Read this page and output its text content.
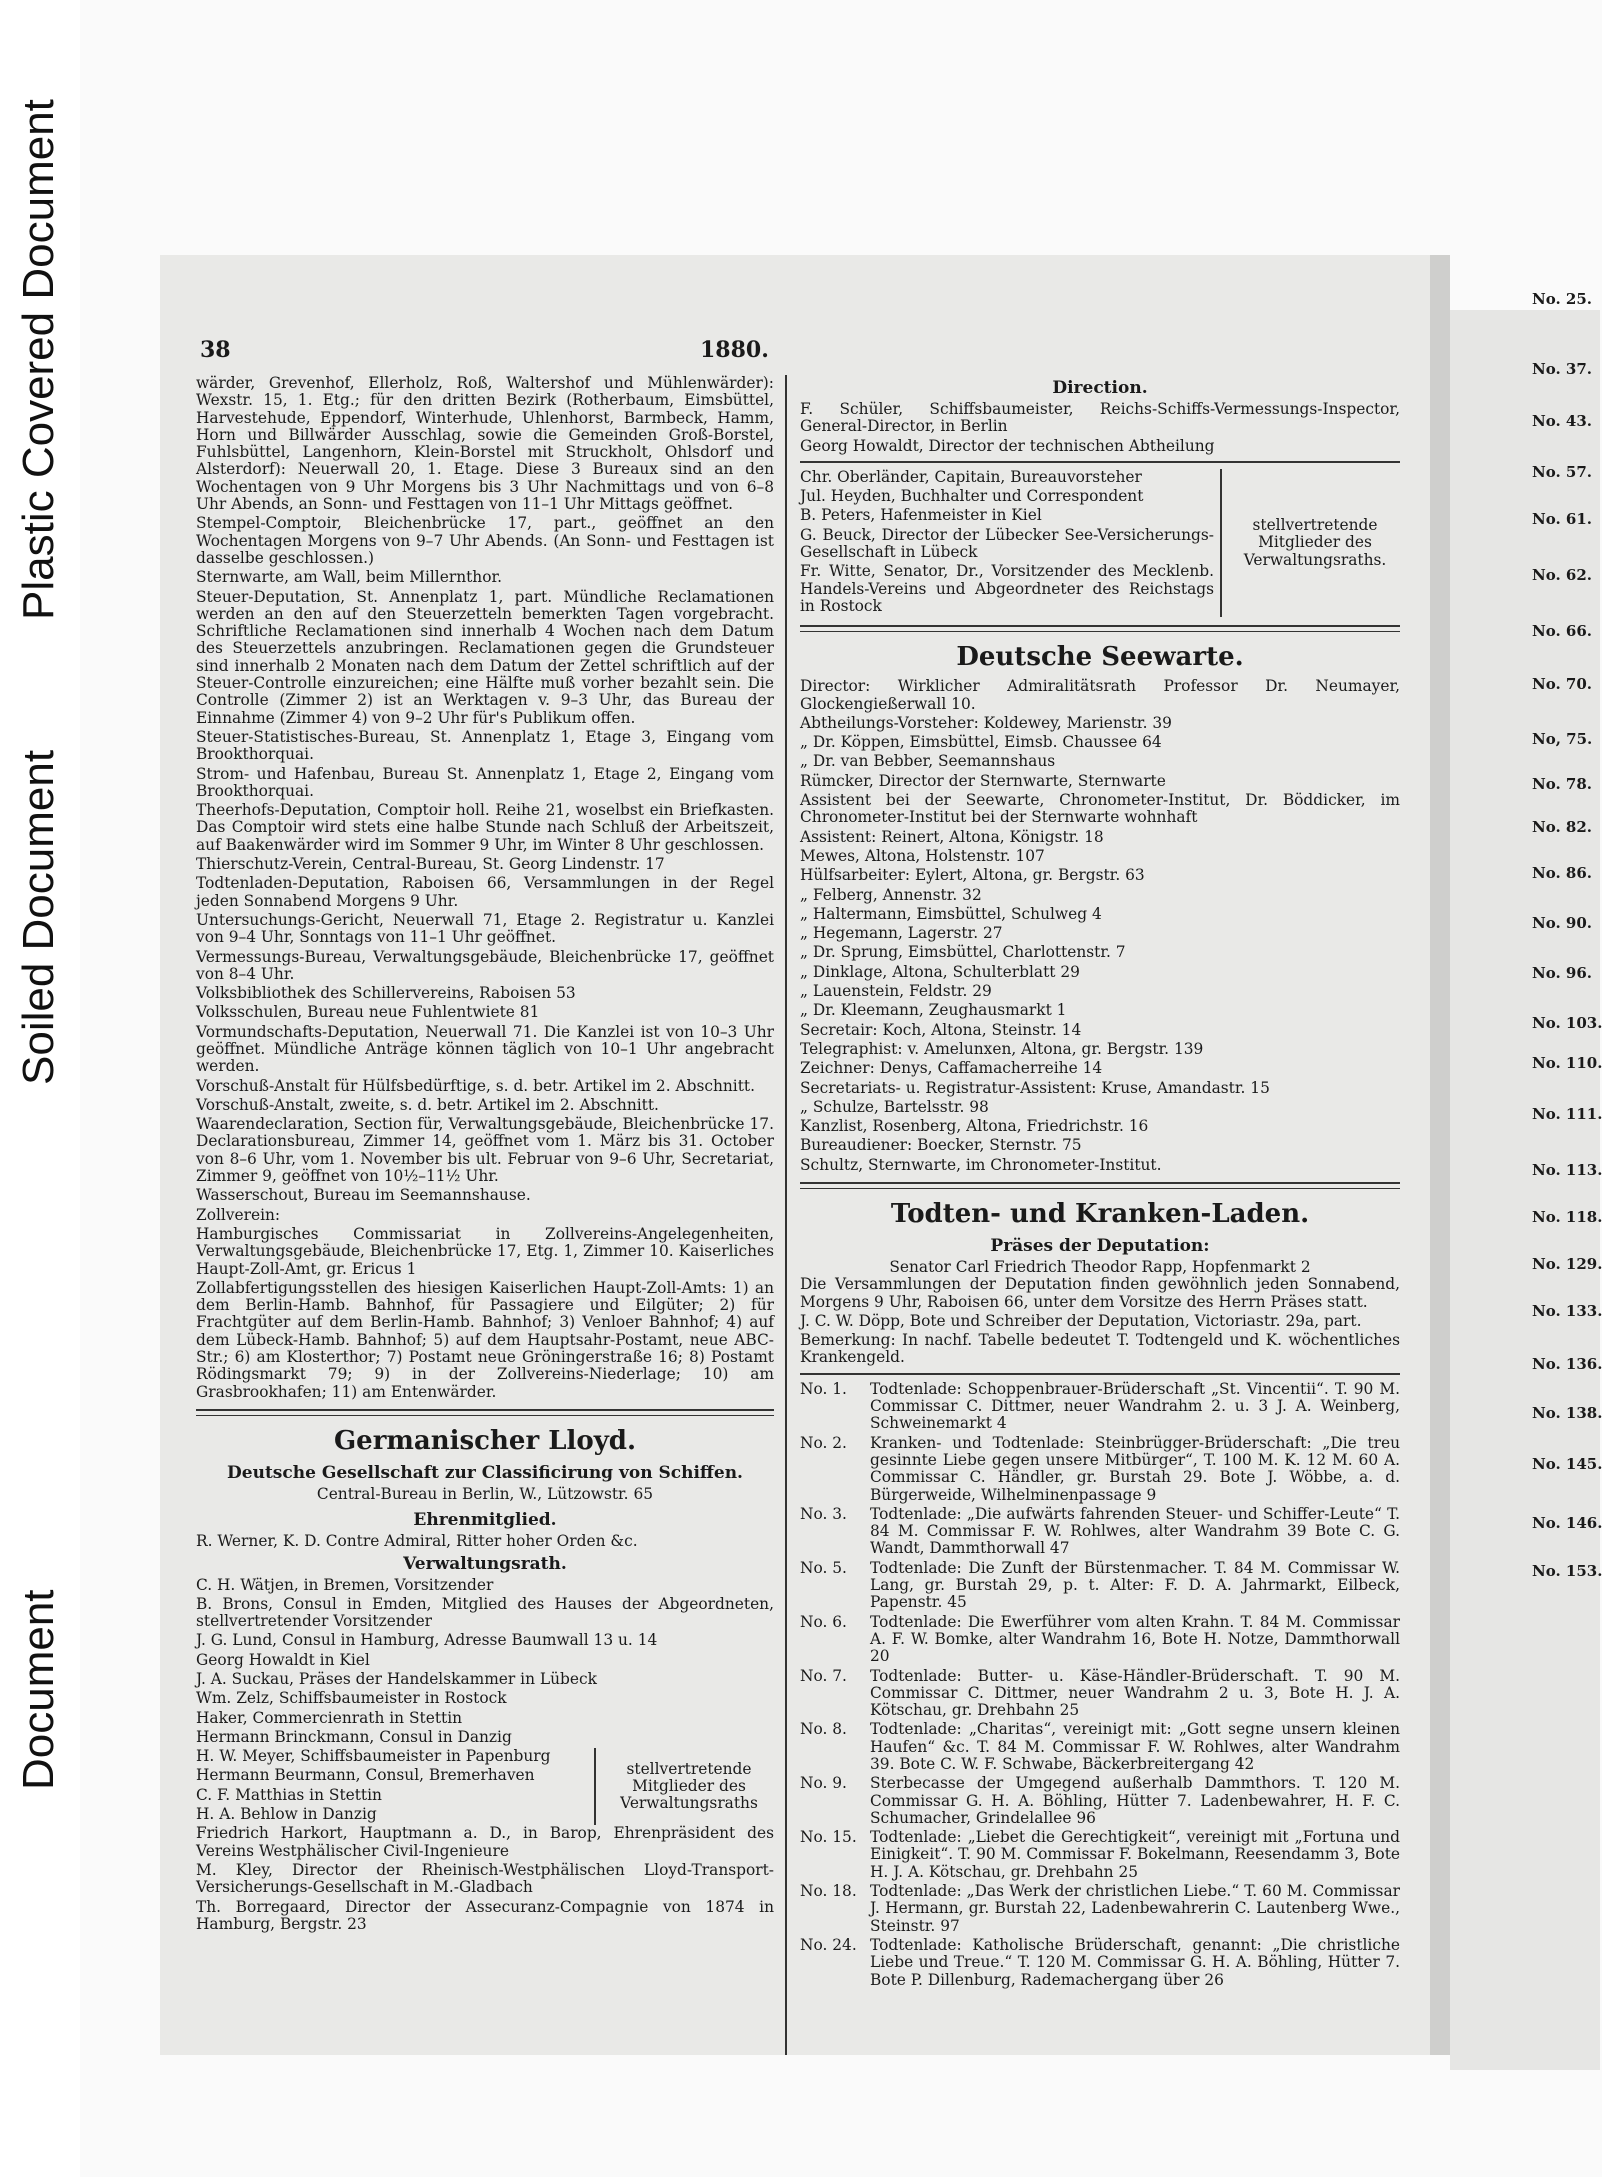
Plastic Covered Document
Soiled Document
Document
38	1880.
wärder, Grevenhof, Ellerholz, Roß, Waltershof und Mühlenwärder): Wexstr. 15, 1. Etg.; für den dritten Bezirk (Rotherbaum, Eimsbüttel, Harvestehude, Eppendorf, Winterhude, Uhlenhorst, Barmbeck, Hamm, Horn und Billwärder Ausschlag, sowie die Gemeinden Groß-Borstel, Fuhlsbüttel, Langenhorn, Klein-Borstel mit Struckholt, Ohlsdorf und Alsterdorf): Neuerwall 20, 1. Etage. Diese 3 Bureaux sind an den Wochentagen von 9 Uhr Morgens bis 3 Uhr Nachmittags und von 6–8 Uhr Abends, an Sonn- und Festtagen von 11–1 Uhr Mittags geöffnet.
Stempel-Comptoir, Bleichenbrücke 17, part., geöffnet an den Wochentagen Morgens von 9–7 Uhr Abends. (An Sonn- und Festtagen ist dasselbe geschlossen.)
Sternwarte, am Wall, beim Millernthor.
Steuer-Deputation, St. Annenplatz 1, part. Mündliche Reclamationen werden an den auf den Steuerzetteln bemerkten Tagen vorgebracht. Schriftliche Reclamationen sind innerhalb 4 Wochen nach dem Datum des Steuerzettels anzubringen. Reclamationen gegen die Grundsteuer sind innerhalb 2 Monaten nach dem Datum der Zettel schriftlich auf der Steuer-Controlle einzureichen; eine Hälfte muß vorher bezahlt sein. Die Controlle (Zimmer 2) ist an Werktagen v. 9–3 Uhr, das Bureau der Einnahme (Zimmer 4) von 9–2 Uhr für's Publikum offen.
Steuer-Statistisches-Bureau, St. Annenplatz 1, Etage 3, Eingang vom Brookthorquai.
Strom- und Hafenbau, Bureau St. Annenplatz 1, Etage 2, Eingang vom Brookthorquai.
Theerhofs-Deputation, Comptoir holl. Reihe 21, woselbst ein Briefkasten. Das Comptoir wird stets eine halbe Stunde nach Schluß der Arbeitszeit, auf Baakenwärder wird im Sommer 9 Uhr, im Winter 8 Uhr geschlossen.
Thierschutz-Verein, Central-Bureau, St. Georg Lindenstr. 17
Todtenladen-Deputation, Raboisen 66, Versammlungen in der Regel jeden Sonnabend Morgens 9 Uhr.
Untersuchungs-Gericht, Neuerwall 71, Etage 2. Registratur u. Kanzlei von 9–4 Uhr, Sonntags von 11–1 Uhr geöffnet.
Vermessungs-Bureau, Verwaltungsgebäude, Bleichenbrücke 17, geöffnet von 8–4 Uhr.
Volksbibliothek des Schillervereins, Raboisen 53
Volksschulen, Bureau neue Fuhlentwiete 81
Vormundschafts-Deputation, Neuerwall 71. Die Kanzlei ist von 10–3 Uhr geöffnet. Mündliche Anträge können täglich von 10–1 Uhr angebracht werden.
Vorschuß-Anstalt für Hülfsbedürftige, s. d. betr. Artikel im 2. Abschnitt.
Vorschuß-Anstalt, zweite, s. d. betr. Artikel im 2. Abschnitt.
Waarendeclaration, Section für, Verwaltungsgebäude, Bleichenbrücke 17. Declarationsbureau, Zimmer 14, geöffnet vom 1. März bis 31. October von 8–6 Uhr, vom 1. November bis ult. Februar von 9–6 Uhr, Secretariat, Zimmer 9, geöffnet von 10½–11½ Uhr.
Wasserschout, Bureau im Seemannshause.
Zollverein:
Hamburgisches Commissariat in Zollvereins-Angelegenheiten, Verwaltungsgebäude, Bleichenbrücke 17, Etg. 1, Zimmer 10. Kaiserliches Haupt-Zoll-Amt, gr. Ericus 1
Zollabfertigungsstellen des hiesigen Kaiserlichen Haupt-Zoll-Amts: 1) an dem Berlin-Hamb. Bahnhof, für Passagiere und Eilgüter; 2) für Frachtgüter auf dem Berlin-Hamb. Bahnhof; 3) Venloer Bahnhof; 4) auf dem Lübeck-Hamb. Bahnhof; 5) auf dem Hauptsahr-Postamt, neue ABC-Str.; 6) am Klosterthor; 7) Postamt neue Gröningerstraße 16; 8) Postamt Rödingsmarkt 79; 9) in der Zollvereins-Niederlage; 10) am Grasbrookhafen; 11) am Entenwärder.
Germanischer Lloyd.
Deutsche Gesellschaft zur Classificirung von Schiffen.
Central-Bureau in Berlin, W., Lützowstr. 65
Ehrenmitglied.
R. Werner, K. D. Contre Admiral, Ritter hoher Orden &c.
Verwaltungsrath.
C. H. Wätjen, in Bremen, Vorsitzender
B. Brons, Consul in Emden, Mitglied des Hauses der Abgeordneten, stellvertretender Vorsitzender
J. G. Lund, Consul in Hamburg, Adresse Baumwall 13 u. 14
Georg Howaldt in Kiel
J. A. Suckau, Präses der Handelskammer in Lübeck
Wm. Zelz, Schiffsbaumeister in Rostock
Haker, Commercienrath in Stettin
Hermann Brinckmann, Consul in Danzig
H. W. Meyer, Schiffsbaumeister in Papenburg
Hermann Beurmann, Consul, Bremerhaven
C. F. Matthias in Stettin
H. A. Behlow in Danzig
stellvertretende Mitglieder des Verwaltungsraths
Friedrich Harkort, Hauptmann a. D., in Barop, Ehrenpräsident des Vereins Westphälischer Civil-Ingenieure
M. Kley, Director der Rheinisch-Westphälischen Lloyd-Transport-Versicherungs-Gesellschaft in M.-Gladbach
Th. Borregaard, Director der Assecuranz-Compagnie von 1874 in Hamburg, Bergstr. 23
Direction.
F. Schüler, Schiffsbaumeister, Reichs-Schiffs-Vermessungs-Inspector, General-Director, in Berlin
Georg Howaldt, Director der technischen Abtheilung
Chr. Oberländer, Capitain, Bureauvorsteher
Jul. Heyden, Buchhalter und Correspondent
B. Peters, Hafenmeister in Kiel
G. Beuck, Director der Lübecker See-Versicherungs-Gesellschaft in Lübeck
Fr. Witte, Senator, Dr., Vorsitzender des Mecklenb. Handels-Vereins und Abgeordneter des Reichstags in Rostock
stellvertretende Mitglieder des Verwaltungsraths.
Deutsche Seewarte.
Director: Wirklicher Admiralitätsrath Professor Dr. Neumayer, Glockengießerwall 10.
Abtheilungs-Vorsteher: Koldewey, Marienstr. 39
„ Dr. Köppen, Eimsbüttel, Eimsb. Chaussee 64
„ Dr. van Bebber, Seemannshaus
Rümcker, Director der Sternwarte, Sternwarte
Assistent bei der Seewarte, Chronometer-Institut, Dr. Böddicker, im Chronometer-Institut bei der Sternwarte wohnhaft
Assistent: Reinert, Altona, Königstr. 18
Mewes, Altona, Holstenstr. 107
Hülfsarbeiter: Eylert, Altona, gr. Bergstr. 63
„ Felberg, Annenstr. 32
„ Haltermann, Eimsbüttel, Schulweg 4
„ Hegemann, Lagerstr. 27
„ Dr. Sprung, Eimsbüttel, Charlottenstr. 7
„ Dinklage, Altona, Schulterblatt 29
„ Lauenstein, Feldstr. 29
„ Dr. Kleemann, Zeughausmarkt 1
Secretair: Koch, Altona, Steinstr. 14
Telegraphist: v. Amelunxen, Altona, gr. Bergstr. 139
Zeichner: Denys, Caffamacherreihe 14
Secretariats- u. Registratur-Assistent: Kruse, Amandastr. 15
„ Schulze, Bartelsstr. 98
Kanzlist, Rosenberg, Altona, Friedrichstr. 16
Bureaudiener: Boecker, Sternstr. 75
Schultz, Sternwarte, im Chronometer-Institut.
Todten- und Kranken-Laden.
Präses der Deputation:
Senator Carl Friedrich Theodor Rapp, Hopfenmarkt 2
Die Versammlungen der Deputation finden gewöhnlich jeden Sonnabend, Morgens 9 Uhr, Raboisen 66, unter dem Vorsitze des Herrn Präses statt.
J. C. W. Döpp, Bote und Schreiber der Deputation, Victoriastr. 29a, part.
Bemerkung: In nachf. Tabelle bedeutet T. Todtengeld und K. wöchentliches Krankengeld.
No. 1.	Todtenlade: Schoppenbrauer-Brüderschaft „St. Vincentii“. T. 90 M. Commissar C. Dittmer, neuer Wandrahm 2. u. 3 J. A. Weinberg, Schweinemarkt 4
No. 2.	Kranken- und Todtenlade: Steinbrügger-Brüderschaft: „Die treu gesinnte Liebe gegen unsere Mitbürger“, T. 100 M. K. 12 M. 60 A. Commissar C. Händler, gr. Burstah 29. Bote J. Wöbbe, a. d. Bürgerweide, Wilhelminenpassage 9
No. 3.	Todtenlade: „Die aufwärts fahrenden Steuer- und Schiffer-Leute“ T. 84 M. Commissar F. W. Rohlwes, alter Wandrahm 39 Bote C. G. Wandt, Dammthorwall 47
No. 5.	Todtenlade: Die Zunft der Bürstenmacher. T. 84 M. Commissar W. Lang, gr. Burstah 29, p. t. Alter: F. D. A. Jahrmarkt, Eilbeck, Papenstr. 45
No. 6.	Todtenlade: Die Ewerführer vom alten Krahn. T. 84 M. Commissar A. F. W. Bomke, alter Wandrahm 16, Bote H. Notze, Dammthorwall 20
No. 7.	Todtenlade: Butter- u. Käse-Händler-Brüderschaft. T. 90 M. Commissar C. Dittmer, neuer Wandrahm 2 u. 3, Bote H. J. A. Kötschau, gr. Drehbahn 25
No. 8.	Todtenlade: „Charitas“, vereinigt mit: „Gott segne unsern kleinen Haufen“ &c. T. 84 M. Commissar F. W. Rohlwes, alter Wandrahm 39. Bote C. W. F. Schwabe, Bäckerbreitergang 42
No. 9.	Sterbecasse der Umgegend außerhalb Dammthors. T. 120 M. Commissar G. H. A. Böhling, Hütter 7. Ladenbewahrer, H. F. C. Schumacher, Grindelallee 96
No. 15. Todtenlade: „Liebet die Gerechtigkeit“, vereinigt mit „Fortuna und Einigkeit“. T. 90 M. Commissar F. Bokelmann, Reesendamm 3, Bote H. J. A. Kötschau, gr. Drehbahn 25
No. 18. Todtenlade: „Das Werk der christlichen Liebe.“ T. 60 M. Commissar J. Hermann, gr. Burstah 22, Ladenbewahrerin C. Lautenberg Wwe., Steinstr. 97
No. 24. Todtenlade: Katholische Brüderschaft, genannt: „Die christliche Liebe und Treue.“ T. 120 M. Commissar G. H. A. Böhling, Hütter 7. Bote P. Dillenburg, Rademachergang über 26
No. 25.
No. 37.
No. 43.
No. 57.
No. 61.
No. 62.
No. 66.
No. 70.
No, 75.
No. 78.
No. 82.
No. 86.
No. 90.
No. 96.
No. 103.
No. 110.
No. 111.
No. 113.
No. 118.
No. 129.
No. 133.
No. 136.
No. 138.
No. 145.
No. 146.
No. 153.
